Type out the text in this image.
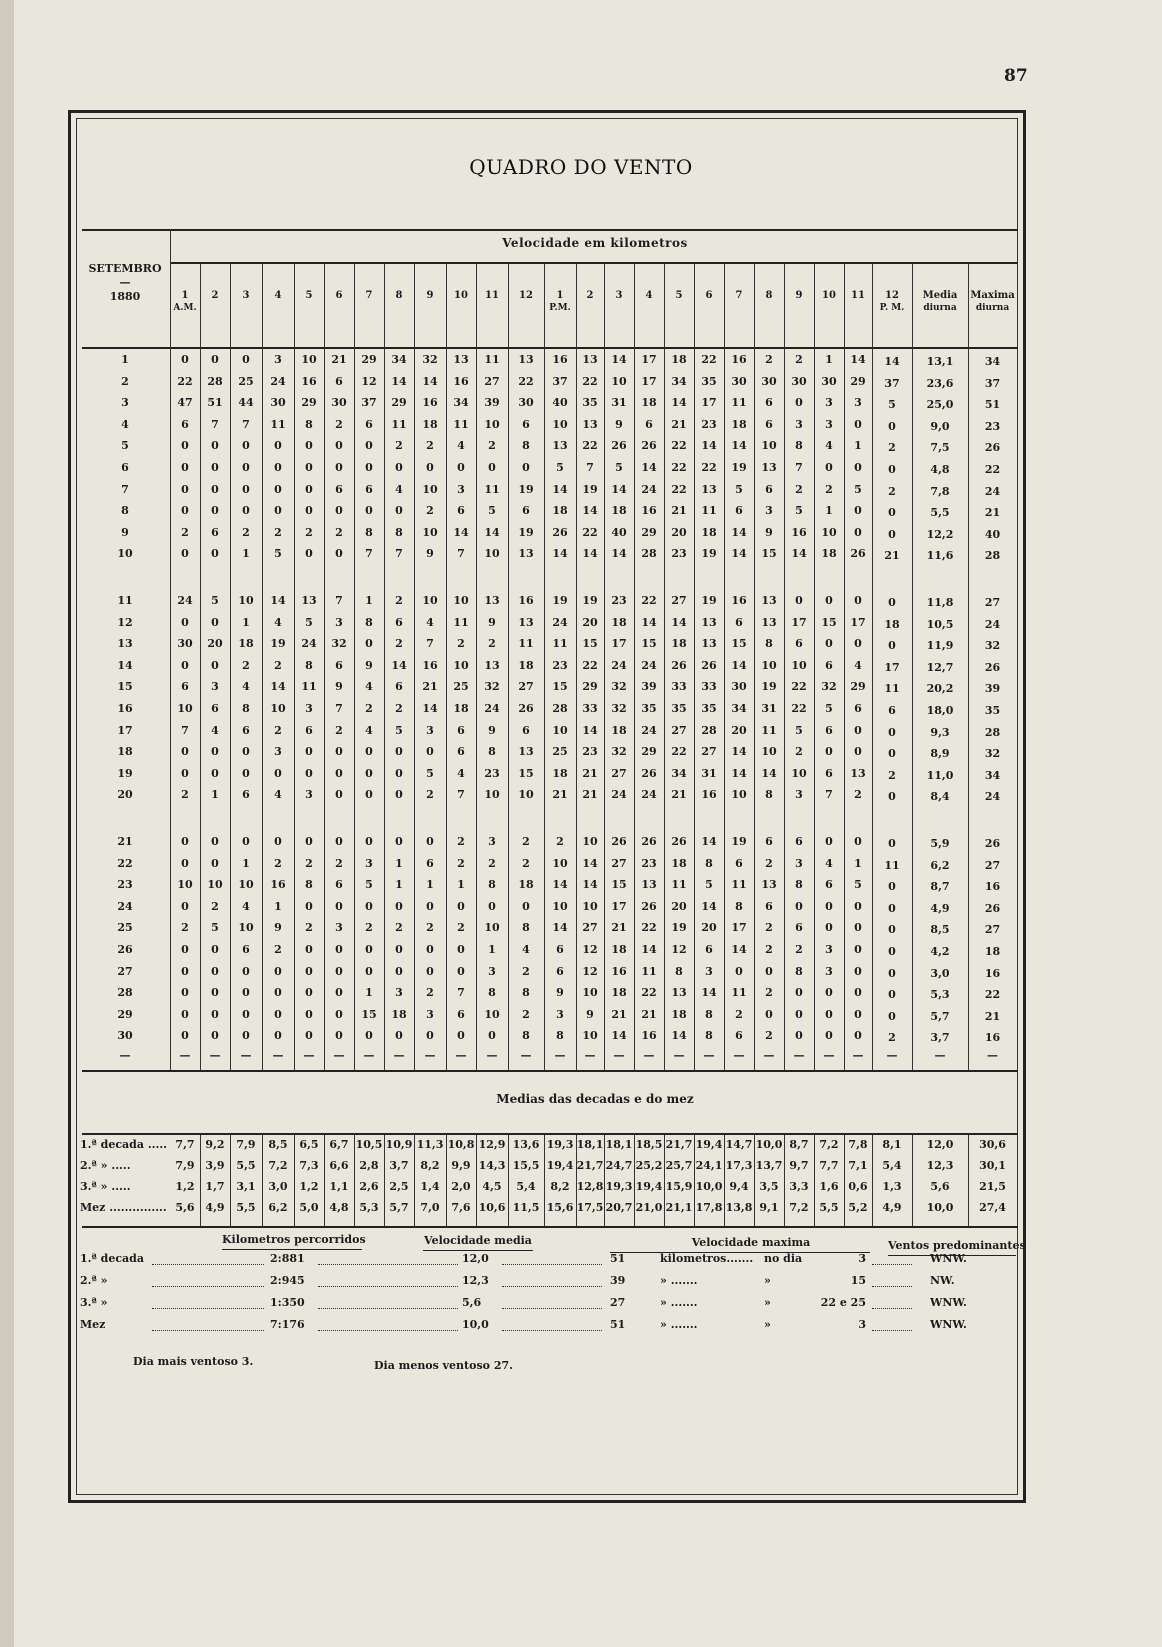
87
QUADRO DO VENTO
SETEMBRO
—
1880
Velocidade em kilometros
1
A.M.
2	3	4	5	6	7	8	9	10	11	12	1
P.M.
2	3	4	5	6	7	8	9	10	11	12
P. M.
Media
diurna
Maxima
diurna
1	0	0	0	3	10	21	29	34	32	13	11	13	16	13	14	17	18	22	16	2	2	1	14	14	13,1	34
2	22	28	25	24	16	6	12	14	14	16	27	22	37	22	10	17	34	35	30	30	30	30	29	37	23,6	37
3	47	51	44	30	29	30	37	29	16	34	39	30	40	35	31	18	14	17	11	6	0	3	3	5	25,0	51
4	6	7	7	11	8	2	6	11	18	11	10	6	10	13	9	6	21	23	18	6	3	3	0	0	9,0	23
5	0	0	0	0	0	0	0	2	2	4	2	8	13	22	26	26	22	14	14	10	8	4	1	2	7,5	26
6	0	0	0	0	0	0	0	0	0	0	0	0	5	7	5	14	22	22	19	13	7	0	0	0	4,8	22
7	0	0	0	0	0	6	6	4	10	3	11	19	14	19	14	24	22	13	5	6	2	2	5	2	7,8	24
8	0	0	0	0	0	0	0	0	2	6	5	6	18	14	18	16	21	11	6	3	5	1	0	0	5,5	21
9	2	6	2	2	2	2	8	8	10	14	14	19	26	22	40	29	20	18	14	9	16	10	0	0	12,2	40
10	0	0	1	5	0	0	7	7	9	7	10	13	14	14	14	28	23	19	14	15	14	18	26	21	11,6	28
11	24	5	10	14	13	7	1	2	10	10	13	16	19	19	23	22	27	19	16	13	0	0	0	0	11,8	27
12	0	0	1	4	5	3	8	6	4	11	9	13	24	20	18	14	14	13	6	13	17	15	17	18	10,5	24
13	30	20	18	19	24	32	0	2	7	2	2	11	11	15	17	15	18	13	15	8	6	0	0	0	11,9	32
14	0	0	2	2	8	6	9	14	16	10	13	18	23	22	24	24	26	26	14	10	10	6	4	17	12,7	26
15	6	3	4	14	11	9	4	6	21	25	32	27	15	29	32	39	33	33	30	19	22	32	29	11	20,2	39
16	10	6	8	10	3	7	2	2	14	18	24	26	28	33	32	35	35	35	34	31	22	5	6	6	18,0	35
17	7	4	6	2	6	2	4	5	3	6	9	6	10	14	18	24	27	28	20	11	5	6	0	0	9,3	28
18	0	0	0	3	0	0	0	0	0	6	8	13	25	23	32	29	22	27	14	10	2	0	0	0	8,9	32
19	0	0	0	0	0	0	0	0	5	4	23	15	18	21	27	26	34	31	14	14	10	6	13	2	11,0	34
20	2	1	6	4	3	0	0	0	2	7	10	10	21	21	24	24	21	16	10	8	3	7	2	0	8,4	24
21	0	0	0	0	0	0	0	0	0	2	3	2	2	10	26	26	26	14	19	6	6	0	0	0	5,9	26
22	0	0	1	2	2	2	3	1	6	2	2	2	10	14	27	23	18	8	6	2	3	4	1	11	6,2	27
23	10	10	10	16	8	6	5	1	1	1	8	18	14	14	15	13	11	5	11	13	8	6	5	0	8,7	16
24	0	2	4	1	0	0	0	0	0	0	0	0	10	10	17	26	20	14	8	6	0	0	0	0	4,9	26
25	2	5	10	9	2	3	2	2	2	2	10	8	14	27	21	22	19	20	17	2	6	0	0	0	8,5	27
26	0	0	6	2	0	0	0	0	0	0	1	4	6	12	18	14	12	6	14	2	2	3	0	0	4,2	18
27	0	0	0	0	0	0	0	0	0	0	3	2	6	12	16	11	8	3	0	0	8	3	0	0	3,0	16
28	0	0	0	0	0	0	1	3	2	7	8	8	9	10	18	22	13	14	11	2	0	0	0	0	5,3	22
29	0	0	0	0	0	0	15	18	3	6	10	2	3	9	21	21	18	8	2	0	0	0	0	0	5,7	21
30	0	0	0	0	0	0	0	0	0	0	0	8	8	10	14	16	14	8	6	2	0	0	0	2	3,7	16
—	—	—	—	—	—	—	—	—	—	—	—	—	—	—	—	—	—	—	—	—	—	—	—	—	—
—
Medias das decadas e do mez
1.ª decada ..... 7,7 9,2	7,9	8,5	6,5 6,7 10,5 10,9 11,3 10,8 12,9 13,6 19,3 18,1 18,1 18,5 21,7 19,4 14,7 10,0 8,7 7,2 7,8	8,1	12,0	30,6
2.ª » .....	7,9 3,9	5,5	7,2	7,3 6,6 2,8 3,7	8,2	9,9 14,3 15,5 19,4 21,7 24,7 25,2 25,7 24,1 17,3 13,7 9,7 7,7 7,1	5,4	12,3	30,1
3.ª » .....	1,2 1,7	3,1	3,0	1,2 1,1 2,6 2,5	1,4	2,0	4,5	5,4	8,2 12,8 19,3 19,4 15,9 10,0 9,4 3,5 3,3 1,6 0,6	1,3	5,6	21,5
Mez ............... 5,6 4,9	5,5	6,2	5,0 4,8 5,3 5,7	7,0	7,6 10,6 11,5 15,6 17,5 20,7 21,0 21,1 17,8 13,8 9,1 7,2 5,5 5,2	4,9	10,0	27,4
Kilometros percorridos	Velocidade media	Velocidade maxima	Ventos predominantes
1.ª decada	2:881	12,0	51	kilometros....... no dia	3	WNW.
2.ª »	2:945	12,3	39	» .......	»	15	NW.
3.ª »	1:350	5,6	27	» .......	»	22 e 25	WNW.
Mez	7:176	10,0	51	» .......	»	3	WNW.
Dia mais ventoso 3.	Dia menos ventoso 27.
